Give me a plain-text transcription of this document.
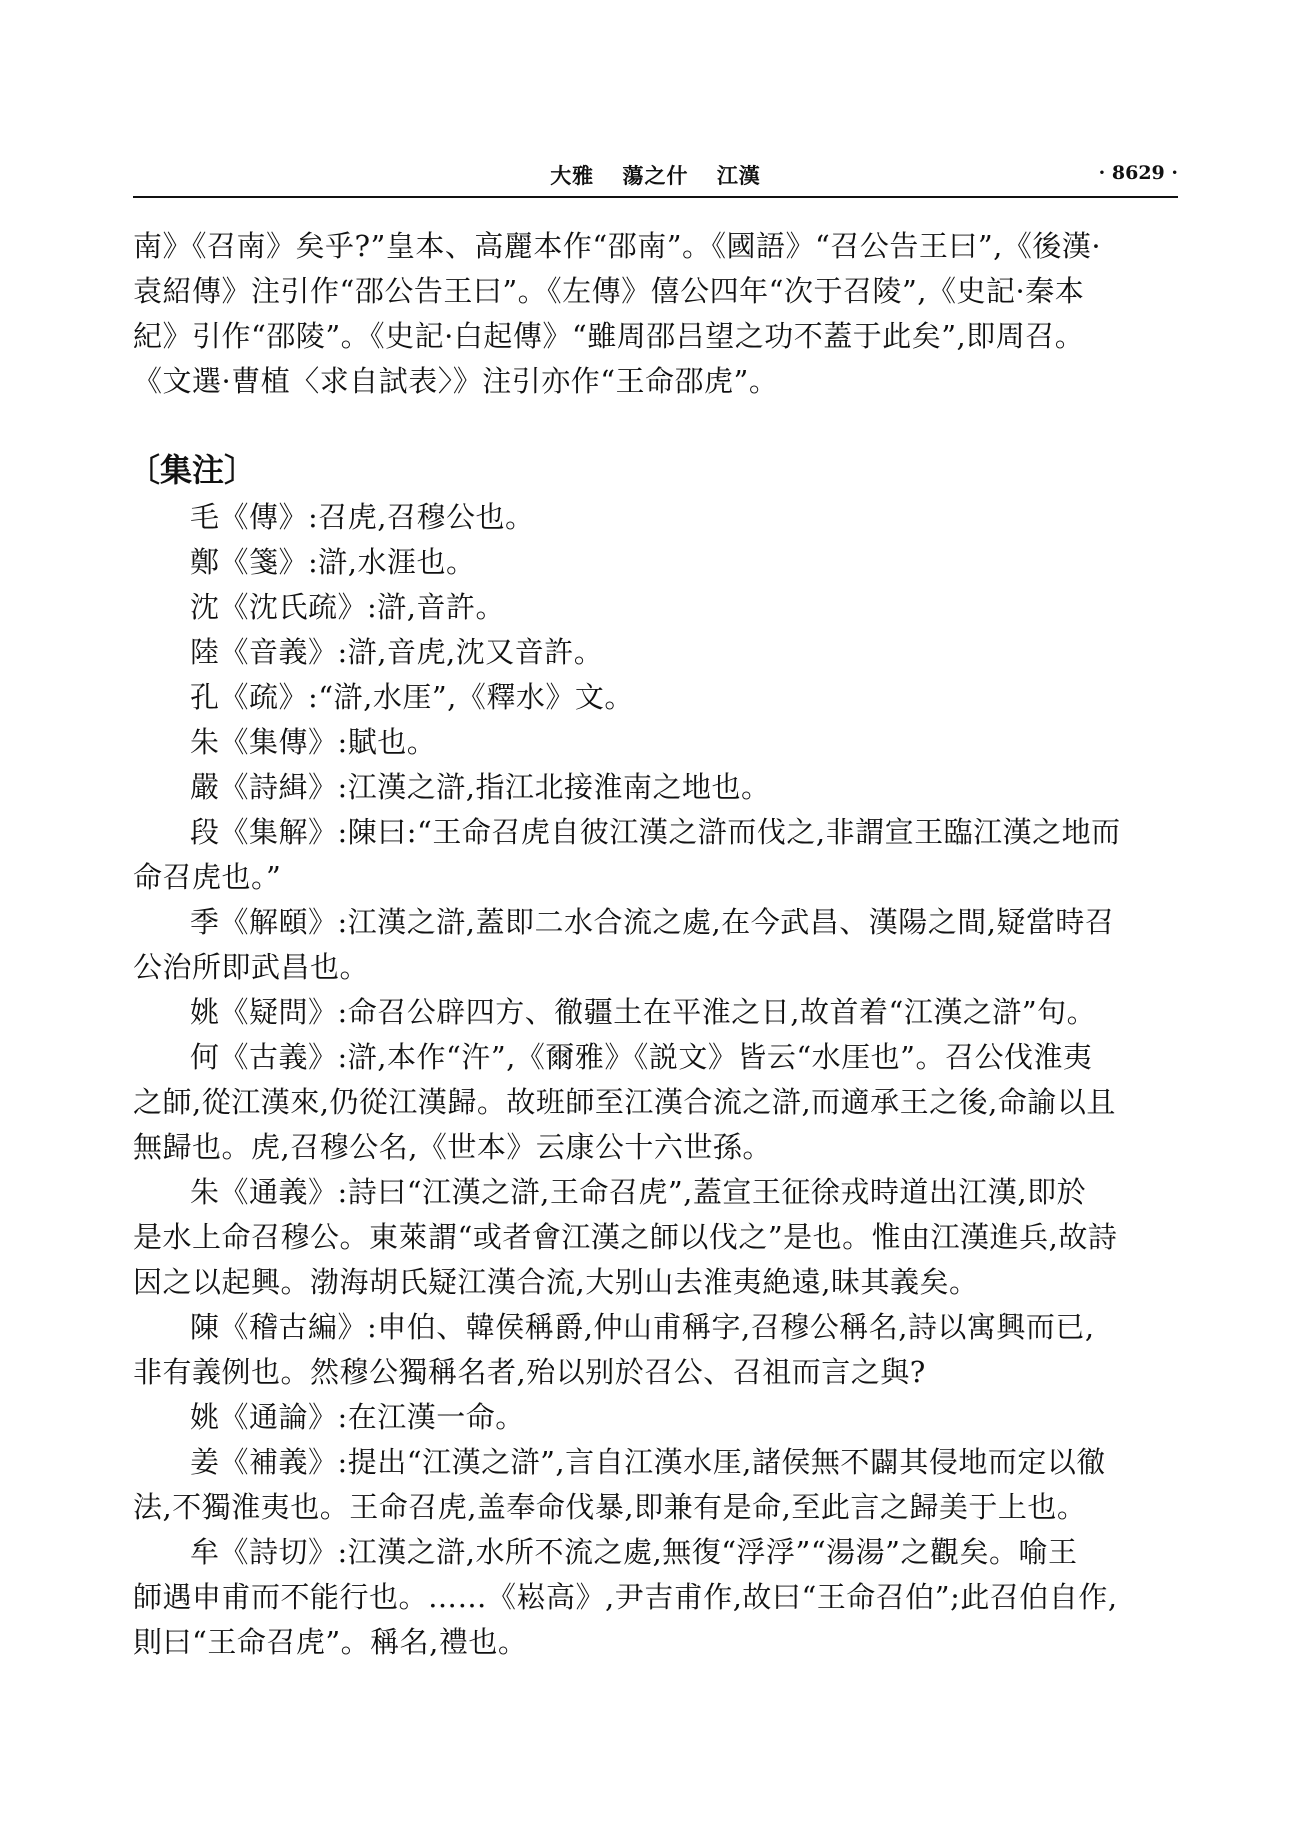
大雅 蕩之什 江漢	· 8629 ·
南》《召南》矣乎?”皇本、高麗本作“邵南”。《國語》“召公告王曰”,《後漢·
袁紹傳》注引作“邵公告王曰”。《左傳》僖公四年“次于召陵”,《史記·秦本
紀》引作“邵陵”。《史記·白起傳》“雖周邵吕望之功不蓋于此矣”,即周召。
《文選·曹植〈求自試表〉》注引亦作“王命邵虎”。
〔集注〕
毛《傳》:召虎,召穆公也。
鄭《箋》:滸,水涯也。
沈《沈氏疏》:滸,音許。
陸《音義》:滸,音虎,沈又音許。
孔《疏》:“滸,水厓”,《釋水》文。
朱《集傳》:賦也。
嚴《詩緝》:江漢之滸,指江北接淮南之地也。
段《集解》:陳曰:“王命召虎自彼江漢之滸而伐之,非謂宣王臨江漢之地而
命召虎也。”
季《解頤》:江漢之滸,蓋即二水合流之處,在今武昌、漢陽之間,疑當時召
公治所即武昌也。
姚《疑問》:命召公辟四方、徹疆土在平淮之日,故首着“江漢之滸”句。
何《古義》:滸,本作“汻”,《爾雅》《説文》皆云“水厓也”。召公伐淮夷
之師,從江漢來,仍從江漢歸。故班師至江漢合流之滸,而適承王之後,命諭以且
無歸也。虎,召穆公名,《世本》云康公十六世孫。
朱《通義》:詩曰“江漢之滸,王命召虎”,蓋宣王征徐戎時道出江漢,即於
是水上命召穆公。東萊謂“或者會江漢之師以伐之”是也。惟由江漢進兵,故詩
因之以起興。渤海胡氏疑江漢合流,大别山去淮夷絶遠,昧其義矣。
陳《稽古編》:申伯、韓侯稱爵,仲山甫稱字,召穆公稱名,詩以寓興而已,
非有義例也。然穆公獨稱名者,殆以别於召公、召祖而言之與?
姚《通論》:在江漢一命。
姜《補義》:提出“江漢之滸”,言自江漢水厓,諸侯無不闢其侵地而定以徹
法,不獨淮夷也。王命召虎,盖奉命伐暴,即兼有是命,至此言之歸美于上也。
牟《詩切》:江漢之滸,水所不流之處,無復“浮浮”“湯湯”之觀矣。喻王
師遇申甫而不能行也。……《崧高》,尹吉甫作,故曰“王命召伯”;此召伯自作,
則曰“王命召虎”。稱名,禮也。
